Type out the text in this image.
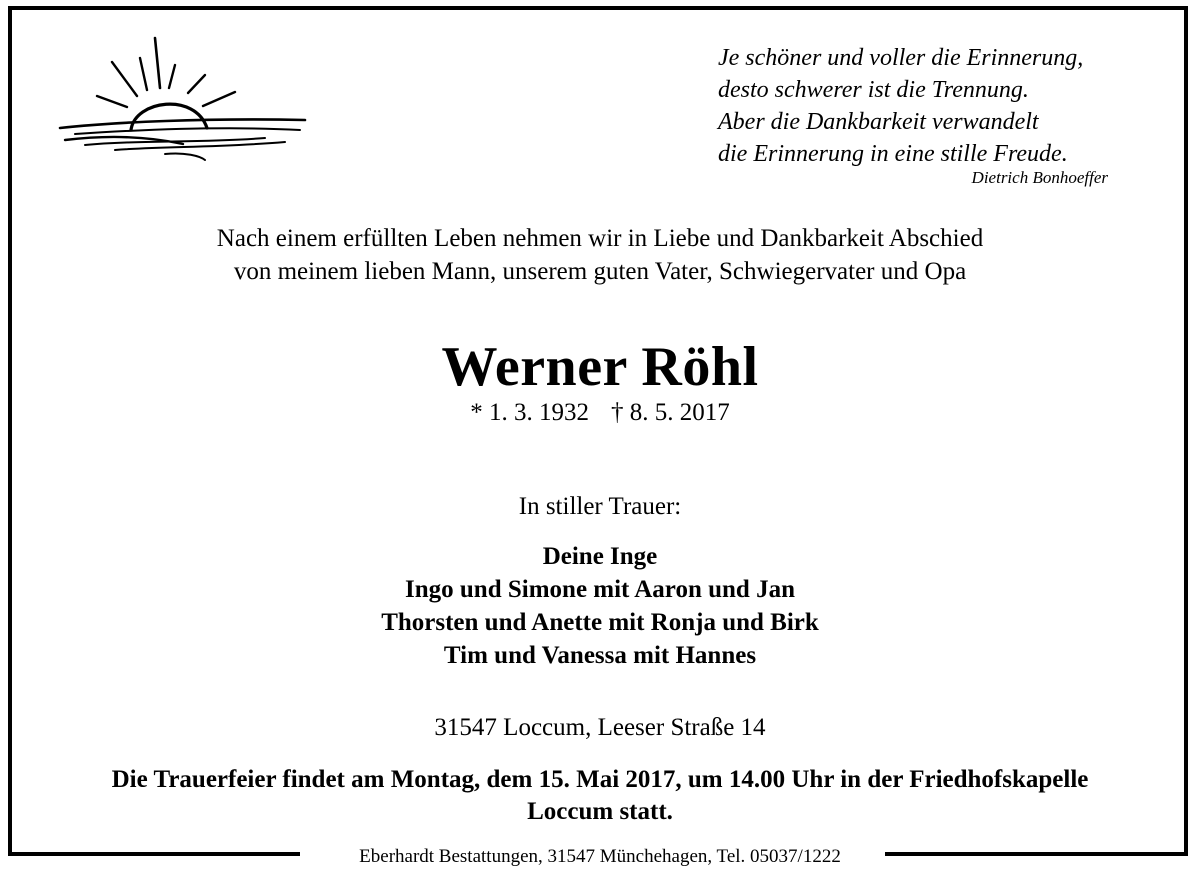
Je schöner und voller die Erinnerung,
desto schwerer ist die Trennung.
Aber die Dankbarkeit verwandelt
die Erinnerung in eine stille Freude.
Dietrich Bonhoeffer
Nach einem erfüllten Leben nehmen wir in Liebe und Dankbarkeit Abschied
von meinem lieben Mann, unserem guten Vater, Schwiegervater und Opa
Werner Röhl
* 1. 3. 1932 † 8. 5. 2017
In stiller Trauer:
Deine Inge
Ingo und Simone mit Aaron und Jan
Thorsten und Anette mit Ronja und Birk
Tim und Vanessa mit Hannes
31547 Loccum, Leeser Straße 14
Die Trauerfeier findet am Montag, dem 15. Mai 2017, um 14.00 Uhr in der Friedhofskapelle
Loccum statt.
Eberhardt Bestattungen, 31547 Münchehagen, Tel. 05037/1222
